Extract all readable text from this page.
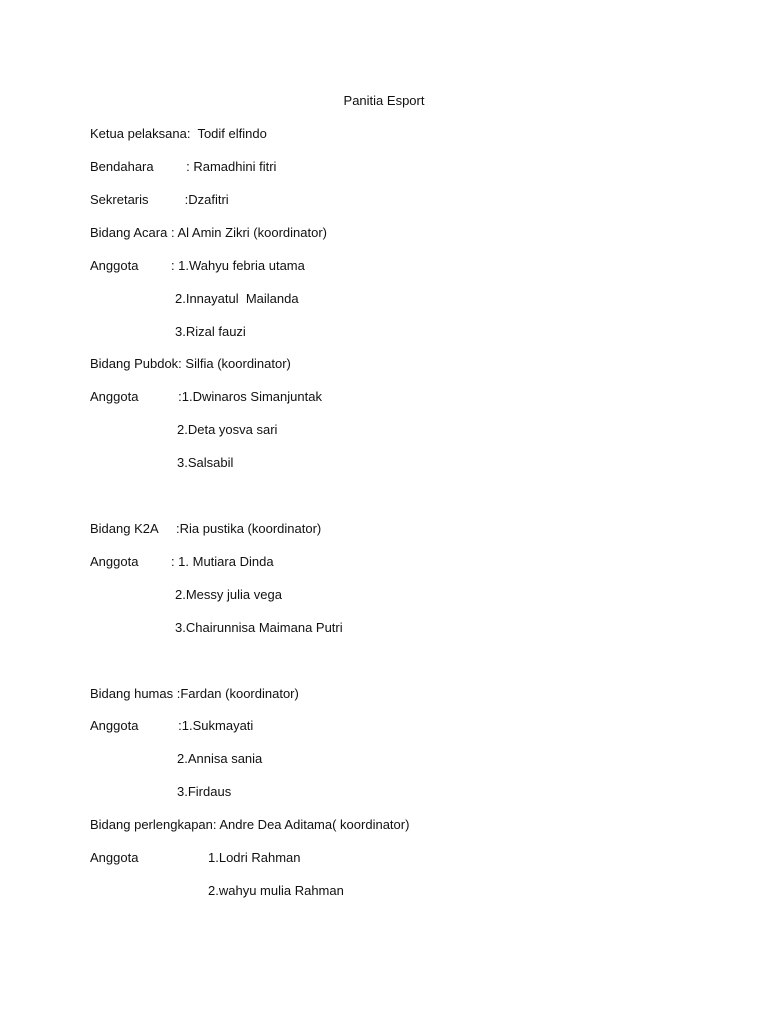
Panitia Esport
Ketua pelaksana:  Todif elfindo
Bendahara         : Ramadhini fitri
Sekretaris          :Dzafitri
Bidang Acara : Al Amin Zikri (koordinator)
Anggota         : 1.Wahyu febria utama
2.Innayatul  Mailanda
3.Rizal fauzi
Bidang Pubdok: Silfia (koordinator)
Anggota           :1.Dwinaros Simanjuntak
2.Deta yosva sari
3.Salsabil
Bidang K2A     :Ria pustika (koordinator)
Anggota         : 1. Mutiara Dinda
2.Messy julia vega
3.Chairunnisa Maimana Putri
Bidang humas :Fardan (koordinator)
Anggota           :1.Sukmayati
2.Annisa sania
3.Firdaus
Bidang perlengkapan: Andre Dea Aditama( koordinator)
Anggota	1.Lodri Rahman
2.wahyu mulia Rahman
